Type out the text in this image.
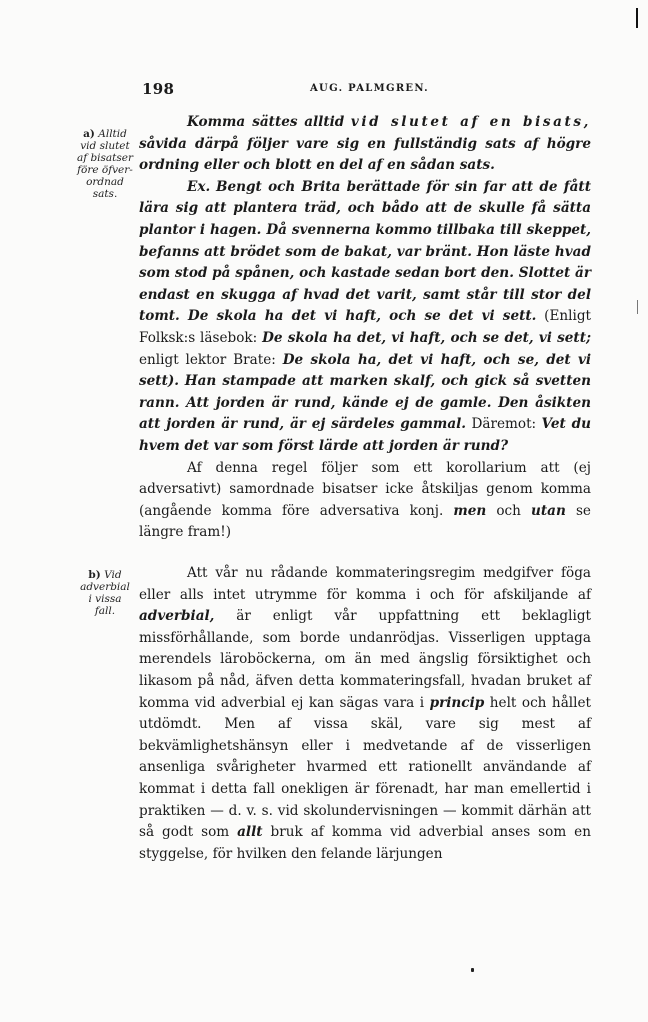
198	AUG. PALMGREN.
a) Alltid
vid slutet
af bisatser
före öfver-
ordnad
sats.

Komma sättes alltid vid slutet af en bisats, såvida därpå följer vare sig en fullständig sats af högre ordning eller och blott en del af en sådan sats.

Ex. Bengt och Brita berättade för sin far att de fått lära sig att plantera träd, och bådo att de skulle få sätta plantor i hagen. Då svennerna kommo tillbaka till skeppet, befanns att brödet som de bakat, var bränt. Hon läste hvad som stod på spånen, och kastade sedan bort den. Slottet är endast en skugga af hvad det varit, samt står till stor del tomt. De skola ha det vi haft, och se det vi sett. (Enligt Folksk:s läsebok: De skola ha det, vi haft, och se det, vi sett; enligt lektor Brate: De skola ha, det vi haft, och se, det vi sett). Han stampade att marken skalf, och gick så svetten rann. Att jorden är rund, kände ej de gamle. Den åsikten att jorden är rund, är ej särdeles gammal. Däremot: Vet du hvem det var som först lärde att jorden är rund?

Af denna regel följer som ett korollarium att (ej adversativt) samordnade bisatser icke åtskiljas genom komma (angående komma före adversativa konj. men och utan se längre fram!)

b) Vid
adverbial
i vissa
fall.

Att vår nu rådande kommateringsregim medgifver föga eller alls intet utrymme för komma i och för afskiljande af adverbial, är enligt vår uppfattning ett beklagligt missförhållande, som borde undanrödjas. Visserligen upptaga merendels läroböckerna, om än med ängslig försiktighet och likasom på nåd, äfven detta kommateringsfall, hvadan bruket af komma vid adverbial ej kan sägas vara i princip helt och hållet utdömdt. Men af vissa skäl, vare sig mest af bekvämlighetshänsyn eller i medvetande af de visserligen ansenliga svårigheter hvarmed ett rationellt användande af kommat i detta fall onekligen är förenadt, har man emellertid i praktiken — d. v. s. vid skolundervisningen — kommit därhän att så godt som allt bruk af komma vid adverbial anses som en styggelse, för hvilken den felande lärjungen
